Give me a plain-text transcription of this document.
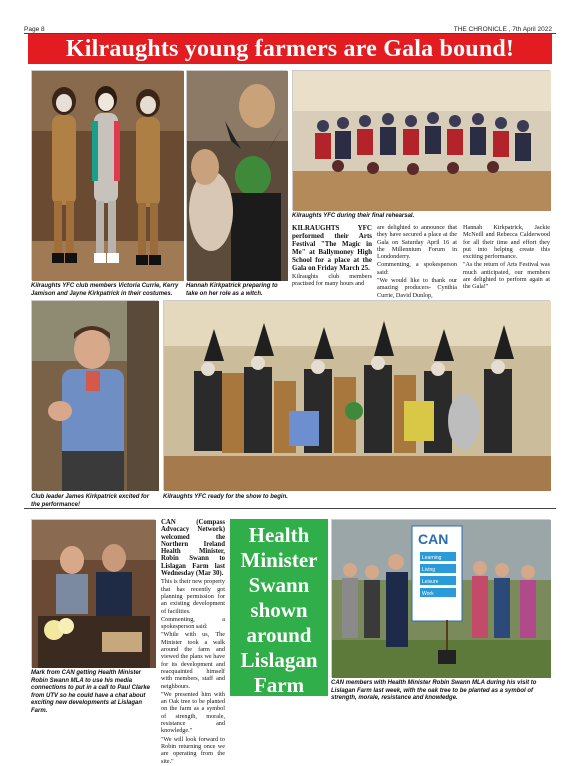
Page 8	THE CHRONICLE , 7th April 2022
Kilraughts young farmers are Gala bound!
Kilraughts YFC club members Victoria Currie, Kerry Jamison and Jayne Kirkpatrick in their costumes.
Hannah Kirkpatrick preparing to take on her role as a witch.
Kilraughts YFC during their final rehearsal.

KILRAUGHTS YFC performed their Arts Festival "The Magic in Me" at Ballymoney High School for a place at the Gala on Friday March 25.

Kilraughts club members practised for many hours and

are delighted to announce that they have secured a place at the Gala on Saturday April 16 at the Millennium Forum in Londonderry.

Commenting, a spokesperson said:

"We would like to thank our amazing producers- Cynthia Currie, David Dunlop,

Hannah Kirkpatrick, Jackie McNeill and Rebecca Calderwood for all their time and effort they put into helping create this exciting performance.

"As the return of Arts Festival was much anticipated, our members are delighted to perform again at the Gala!"

Club leader James Kirkpatrick excited for the performance!
Kilraughts YFC ready for the show to begin.
Mark from CAN getting Health Minister Robin Swann MLA to use his media connections to put in a call to Paul Clarke from UTV so he could have a chat about exciting new developments at Lislagan Farm.

CAN (Compass Advocacy Network) welcomed the Northern Ireland Health Minister, Robin Swann to Lislagan Farm last Wednesday (Mar 30).

This is their new property that has recently got planning permission for an existing development of facilities.

Commenting, a spokesperson said:

"While with us, The Minister took a walk around the farm and viewed the plans we have for its development and reacquainted himself with members, staff and neighbours.

"We presented him with an Oak tree to be planted on the farm as a symbol of strength, morale, resistance and knowledge."

"We will look forward to Robin returning once we are operating from the site."

Health Minister Swann shown around Lislagan Farm
CAN
Learning
Living
Leisure
Work
CAN members with Health Minister Robin Swann MLA during his visit to Lislagan Farm last week, with the oak tree to be planted as a symbol of strength, morale, resistance and knowledge.
